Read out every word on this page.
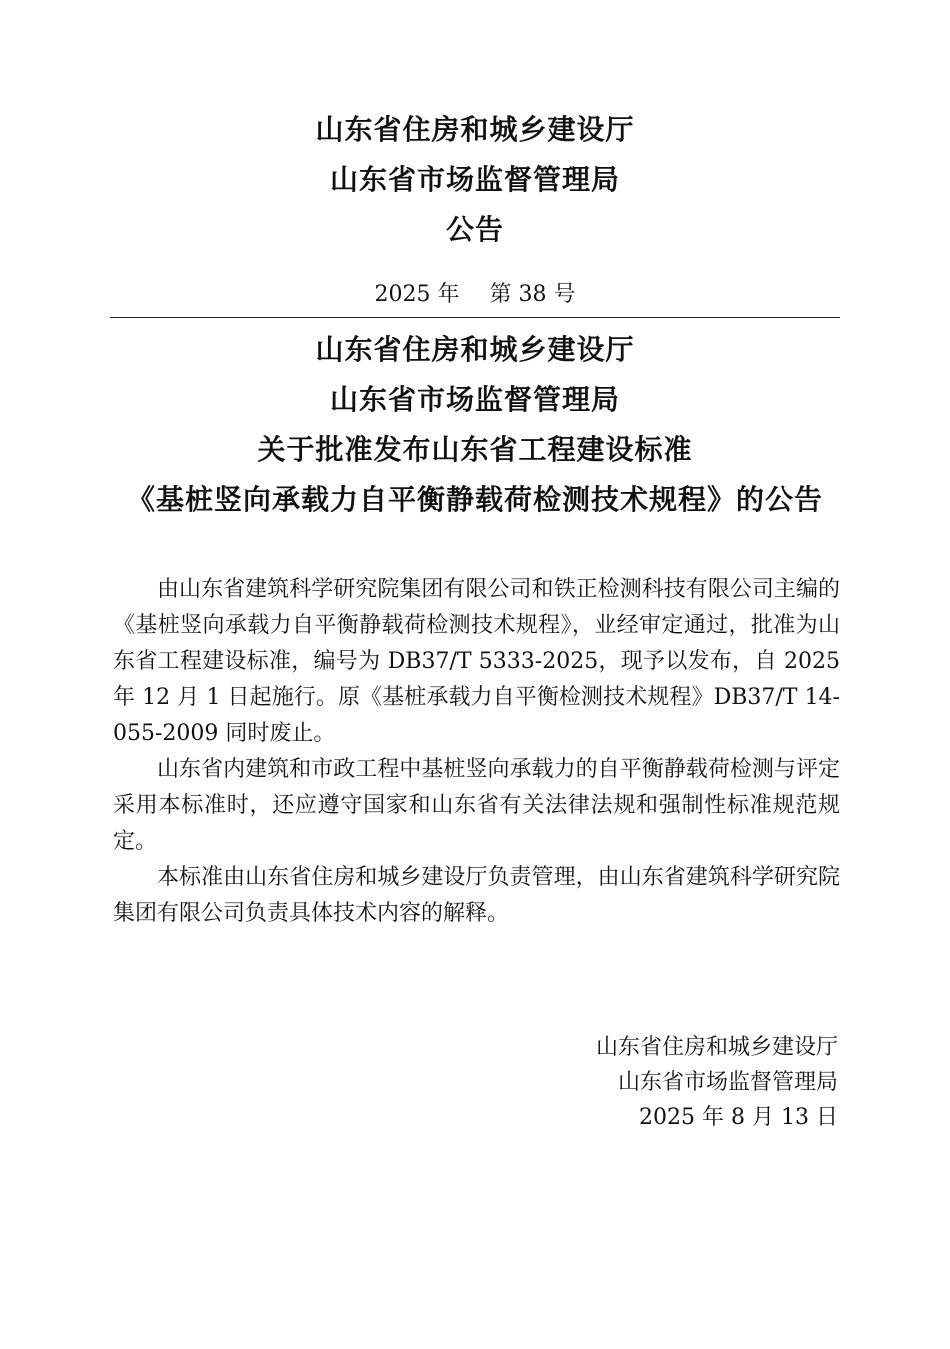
山东省住房和城乡建设厅
山东省市场监督管理局
公告
2025 年 第 38 号
山东省住房和城乡建设厅
山东省市场监督管理局
关于批准发布山东省工程建设标准
《基桩竖向承载力自平衡静载荷检测技术规程》的公告

由山东省建筑科学研究院集团有限公司和铁正检测科技有限公司主编的《基桩竖向承载力自平衡静载荷检测技术规程》，业经审定通过，批准为山东省工程建设标准，编号为 DB37/T 5333-2025，现予以发布，自 2025 年 12 月 1 日起施行。原《基桩承载力自平衡检测技术规程》DB37/T 14-055-2009 同时废止。

山东省内建筑和市政工程中基桩竖向承载力的自平衡静载荷检测与评定采用本标准时，还应遵守国家和山东省有关法律法规和强制性标准规范规定。

本标准由山东省住房和城乡建设厅负责管理，由山东省建筑科学研究院集团有限公司负责具体技术内容的解释。

山东省住房和城乡建设厅
山东省市场监督管理局
2025 年 8 月 13 日
